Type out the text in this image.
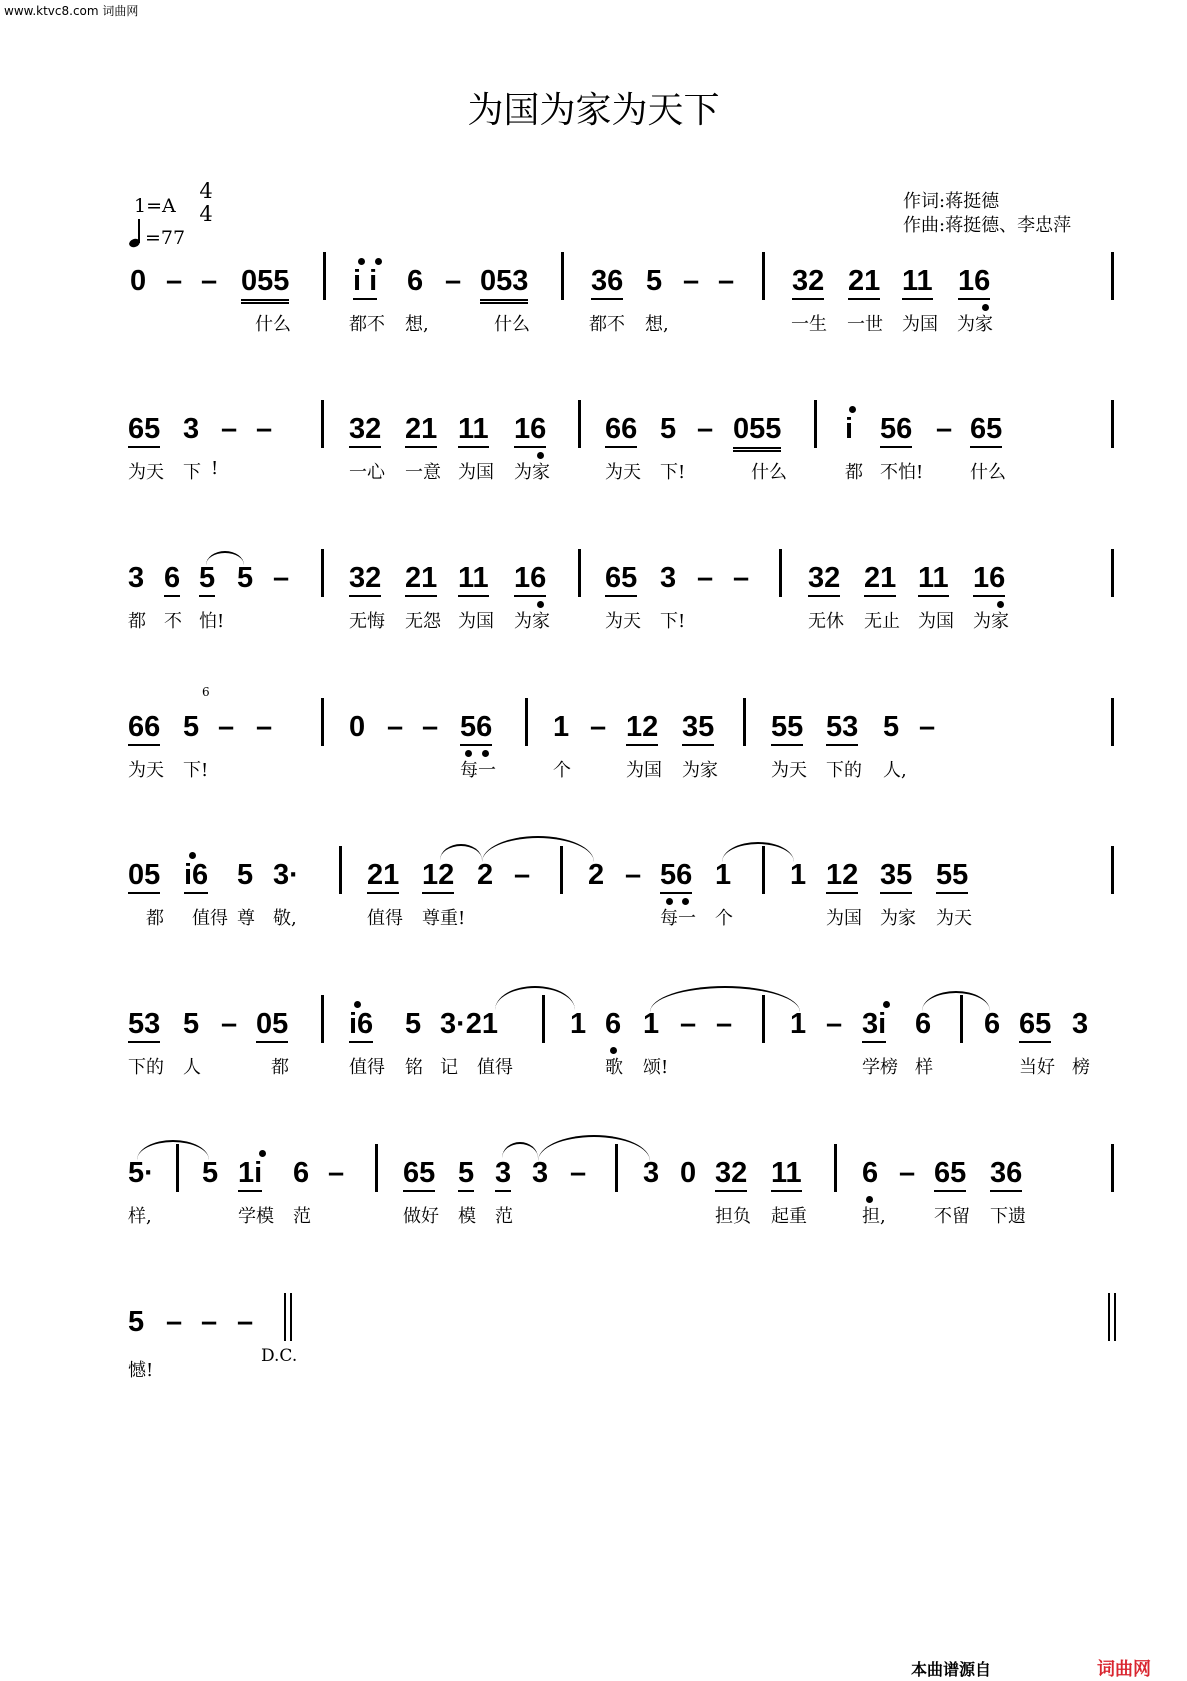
www.ktvc8.com 词曲网
为国为家为天下
1=A
4
4
=77
作词:蒋挺德
作曲:蒋挺德、李忠萍
0 – – 055 i i 6 – 053 36 5 – – 32 21 11 16
什么	都不 想,	什么	都不 想,	一生 一世 为国 为家
65 3 – –	32 21 11 16 66 5 – 055 i 56 – 65
为天 下 !	一心 一意 为国 为家	为天 下!	什么	都 不怕!	什么
3 6 5 5 – 32 21 11 16 65 3 – – 32 21 11 16
都 不 怕!	无悔 无怨 为国 为家	为天 下!	无休 无止 为国 为家
66 5
6
– –	0 – – 56 1 – 12 35 55 53 5 –
为天 下!	每一	个	为国 为家	为天 下的 人,
05 i6 5 3· 21 12 2 – 2 – 56 1 1 12 35 55
都 值得 尊 敬,	值得 尊重!	每一 个	为国 为家 为天
53 5 – 05 i6 5 3·21 1 6 1 – – 1 – 3i 6 6 65 3
下的 人	都	值得 铭 记 值得	歌 颂!	学榜 样	当好 榜
5· 5 1i 6 – 65 5 3 3 – 3 0 32 11 6 – 65 36
样,	学模 范	做好 模 范	担负 起重	担,	不留 下遗
5 – – –
憾!
D.C.
本曲谱源自	词曲网
